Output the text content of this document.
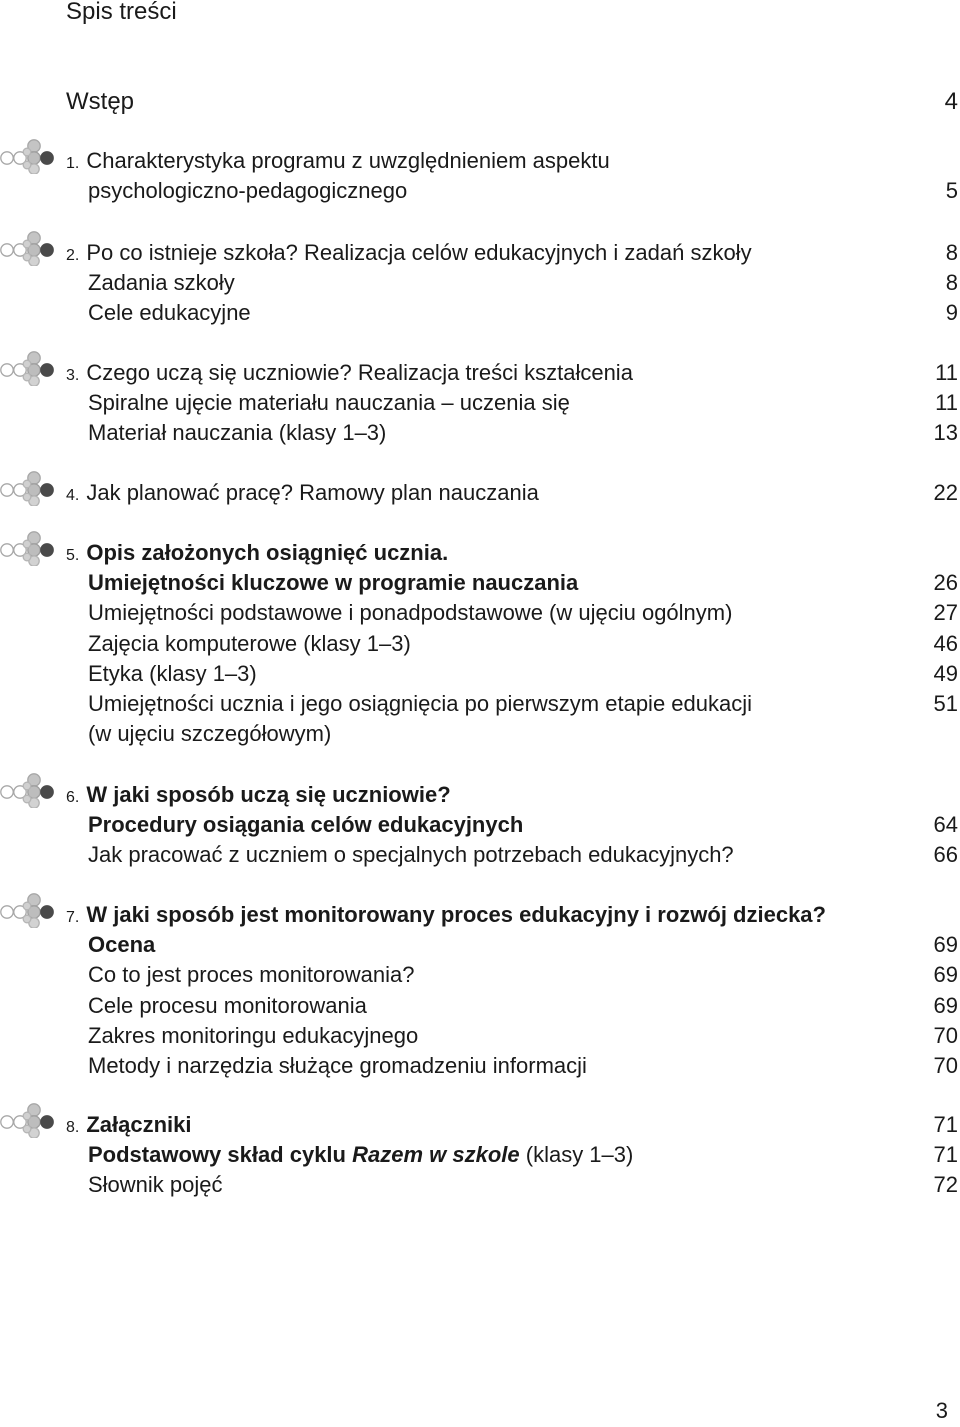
Spis treści
Wstęp	4
1. Charakterystyka programu z uwzględnieniem aspektu
psychologiczno-pedagogicznego	5
2. Po co istnieje szkoła? Realizacja celów edukacyjnych i zadań szkoły	8
Zadania szkoły	8
Cele edukacyjne	9
3. Czego uczą się uczniowie? Realizacja treści kształcenia	11
Spiralne ujęcie materiału nauczania – uczenia się	11
Materiał nauczania (klasy 1–3)	13
4. Jak planować pracę? Ramowy plan nauczania	22
5. Opis założonych osiągnięć ucznia.
Umiejętności kluczowe w programie nauczania	26
Umiejętności podstawowe i ponadpodstawowe (w ujęciu ogólnym)	27
Zajęcia komputerowe (klasy 1–3)	46
Etyka (klasy 1–3)	49
Umiejętności ucznia i jego osiągnięcia po pierwszym etapie edukacji	51
(w ujęciu szczegółowym)
6. W jaki sposób uczą się uczniowie?
Procedury osiągania celów edukacyjnych	64
Jak pracować z uczniem o specjalnych potrzebach edukacyjnych?	66
7. W jaki sposób jest monitorowany proces edukacyjny i rozwój dziecka?
Ocena	69
Co to jest proces monitorowania?	69
Cele procesu monitorowania	69
Zakres monitoringu edukacyjnego	70
Metody i narzędzia służące gromadzeniu informacji	70
8. Załączniki	71
Podstawowy skład cyklu Razem w szkole (klasy 1–3)	71
Słownik pojęć	72
3
